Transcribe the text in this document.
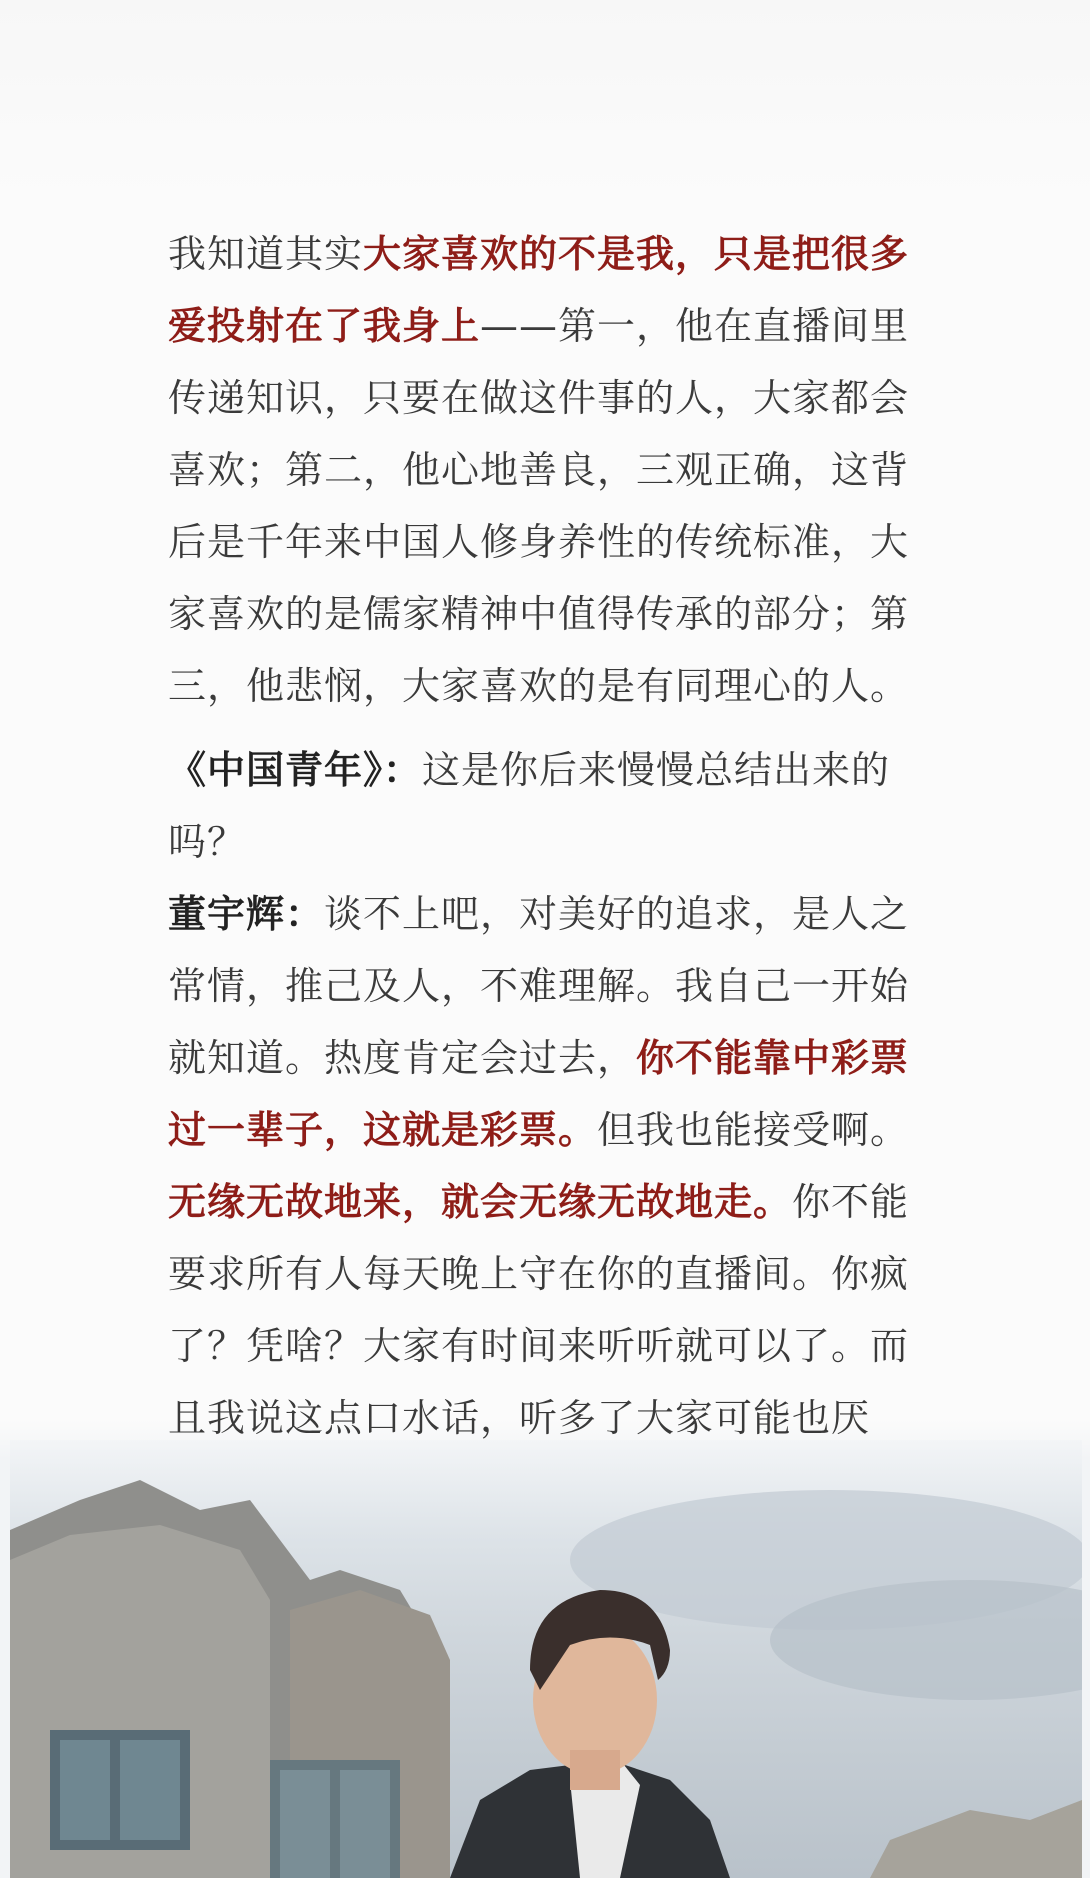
我知道其实大家喜欢的不是我，只是把很多爱投射在了我身上——第一，他在直播间里传递知识，只要在做这件事的人，大家都会喜欢；第二，他心地善良，三观正确，这背后是千年来中国人修身养性的传统标准，大家喜欢的是儒家精神中值得传承的部分；第三，他悲悯，大家喜欢的是有同理心的人。

《中国青年》：这是你后来慢慢总结出来的吗？

董宇辉：谈不上吧，对美好的追求，是人之常情，推己及人，不难理解。我自己一开始就知道。热度肯定会过去，你不能靠中彩票过一辈子，这就是彩票。但我也能接受啊。无缘无故地来，就会无缘无故地走。你不能要求所有人每天晚上守在你的直播间。你疯了？凭啥？大家有时间来听听就可以了。而且我说这点口水话，听多了大家可能也厌
